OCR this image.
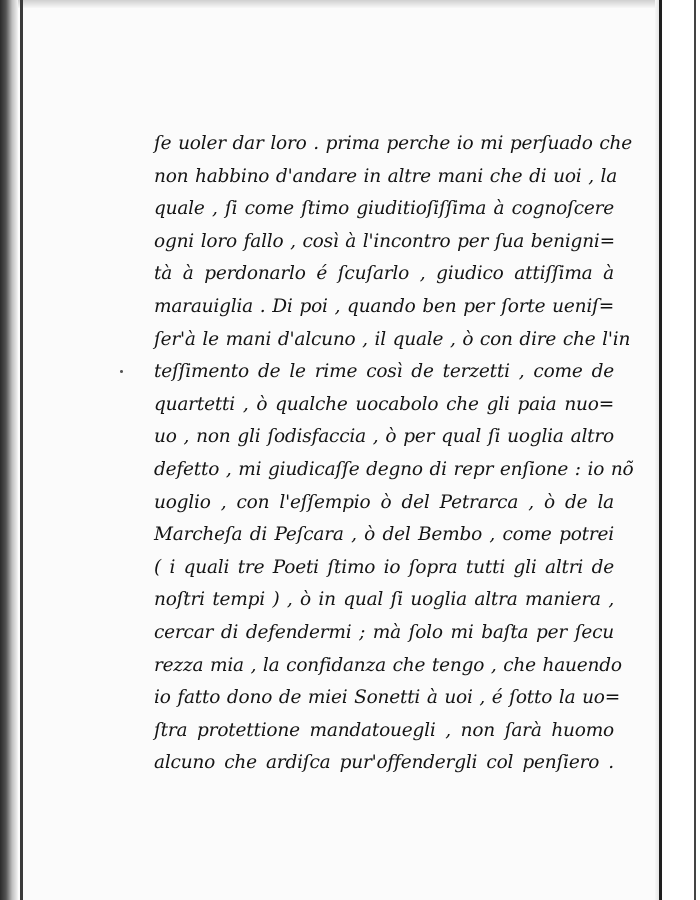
ſe uoler dar loro . prima perche io mi perſuado che
non habbino d'andare in altre mani che di uoi , la
quale , ſi come ſtimo giuditioſiſſima à cognoſcere
ogni loro fallo , così à l'incontro per ſua benigni=
tà à perdonarlo é ſcuſarlo , giudico attiſſima à
marauiglia . Di poi , quando ben per ſorte ueniſ=
ſer'à le mani d'alcuno , il quale , ò con dire che l'in
teſſimento de le rime così de terzetti , come de
quartetti , ò qualche uocabolo che gli paia nuo=
uo , non gli ſodisfaccia , ò per qual ſi uoglia altro
defetto , mi giudicaſſe degno di repr enſione : io nõ
uoglio , con l'eſſempio ò del Petrarca , ò de la
Marcheſa di Peſcara , ò del Bembo , come potrei
( i quali tre Poeti ſtimo io ſopra tutti gli altri de
noſtri tempi ) , ò in qual ſi uoglia altra maniera ,
cercar di defendermi ; mà ſolo mi baſta per ſecu
rezza mia , la confidanza che tengo , che hauendo
io fatto dono de miei Sonetti à uoi , é ſotto la uo=
ſtra protettione mandatouegli , non ſarà huomo
alcuno che ardiſca pur'offendergli col penſiero .
